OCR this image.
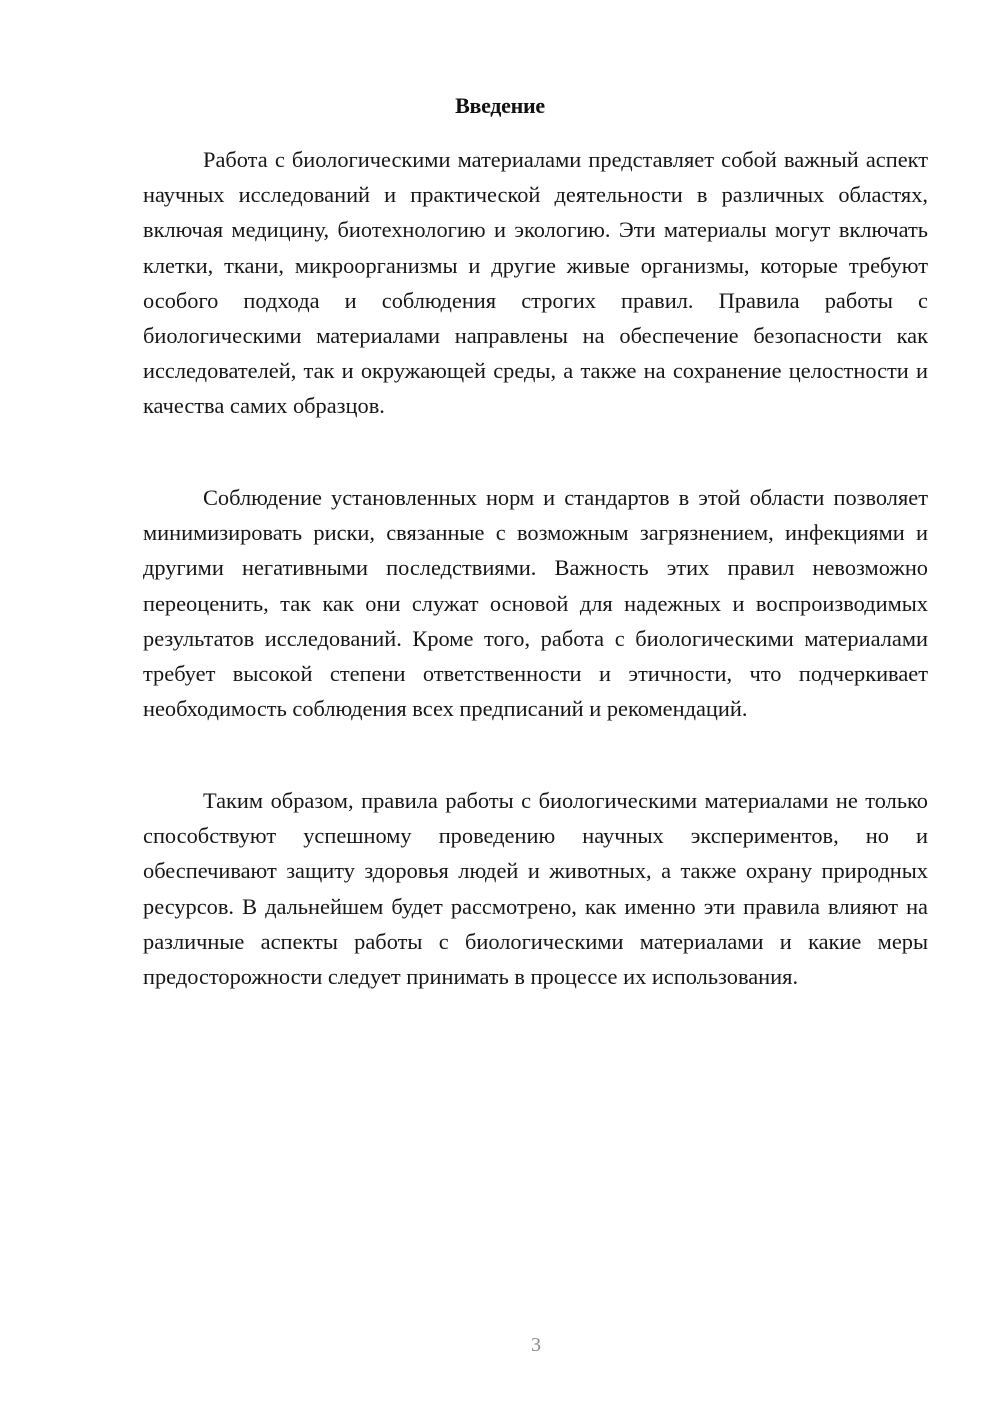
Введение

Работа с биологическими материалами представляет собой важный аспект научных исследований и практической деятельности в различных областях, включая медицину, биотехнологию и экологию. Эти материалы могут включать клетки, ткани, микроорганизмы и другие живые организмы, которые требуют особого подхода и соблюдения строгих правил. Правила работы с биологическими материалами направлены на обеспечение безопасности как исследователей, так и окружающей среды, а также на сохранение целостности и качества самих образцов.

Соблюдение установленных норм и стандартов в этой области позволяет минимизировать риски, связанные с возможным загрязнением, инфекциями и другими негативными последствиями. Важность этих правил невозможно переоценить, так как они служат основой для надежных и воспроизводимых результатов исследований. Кроме того, работа с биологическими материалами требует высокой степени ответственности и этичности, что подчеркивает необходимость соблюдения всех предписаний и рекомендаций.

Таким образом, правила работы с биологическими материалами не только способствуют успешному проведению научных экспериментов, но и обеспечивают защиту здоровья людей и животных, а также охрану природных ресурсов. В дальнейшем будет рассмотрено, как именно эти правила влияют на различные аспекты работы с биологическими материалами и какие меры предосторожности следует принимать в процессе их использования.

3
